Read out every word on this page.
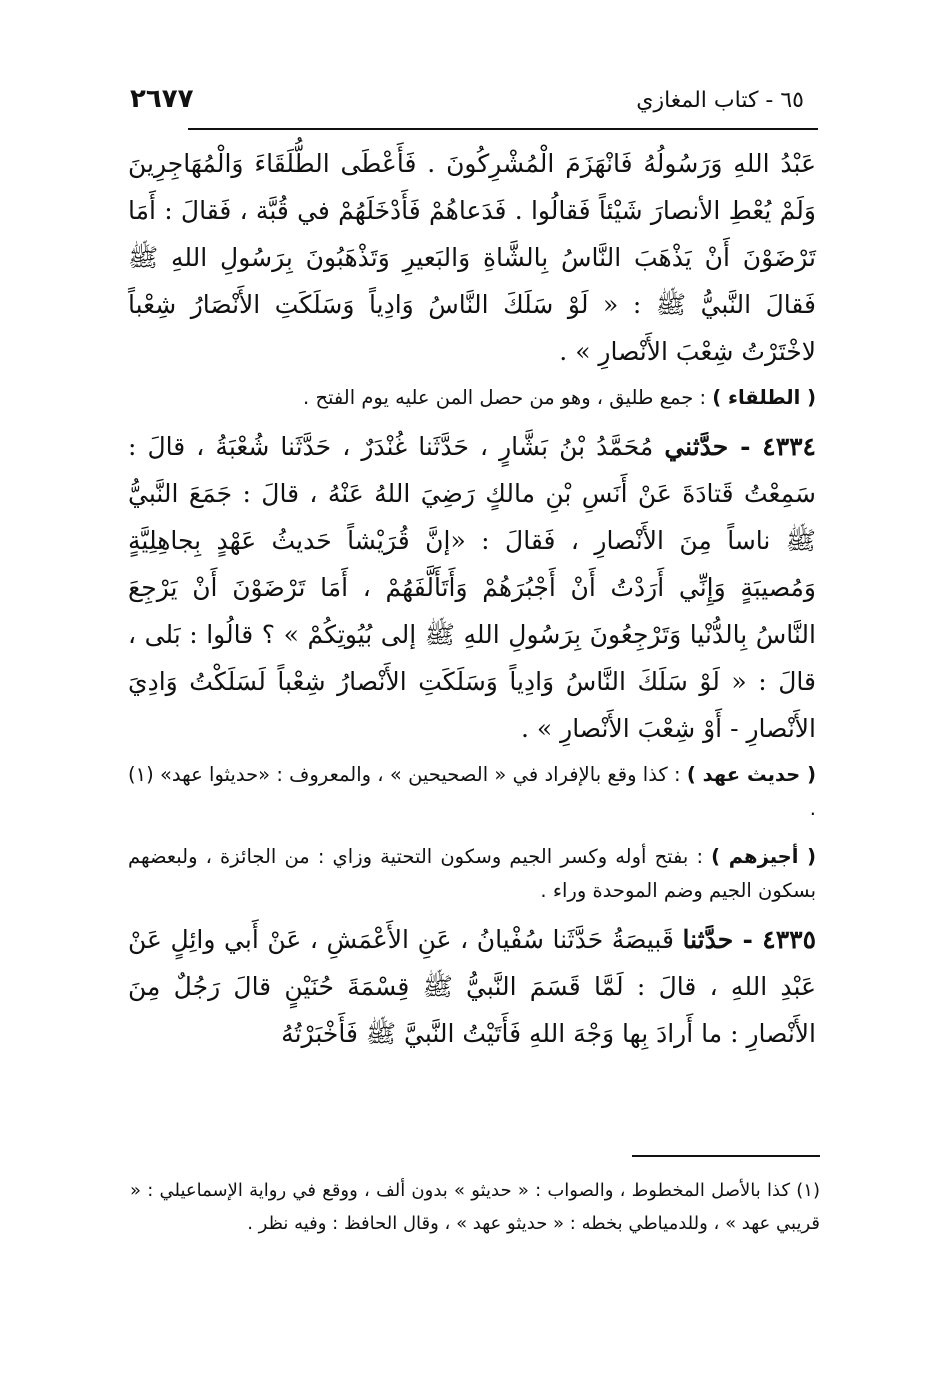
٦٥ - كتاب المغازي
٢٦٧٧

عَبْدُ اللهِ وَرَسُولُهُ فَانْهَزَمَ الْمُشْرِكُونَ . فَأَعْطَى الطُّلَقَاءَ وَالْمُهَاجِرِينَ وَلَمْ يُعْطِ الأنصارَ شَيْئاً فَقالُوا . فَدَعاهُمْ فَأَدْخَلَهُمْ في قُبَّة ، فَقالَ : أَمَا تَرْضَوْنَ أَنْ يَذْهَبَ النَّاسُ بِالشَّاةِ وَالبَعيرِ وَتَذْهَبُونَ بِرَسُولِ اللهِ ﷺ فَقالَ النَّبيُّ ﷺ : « لَوْ سَلَكَ النَّاسُ وَادِياً وَسَلَكَتِ الأَنْصَارُ شِعْباً لاخْتَرْتُ شِعْبَ الأَنْصارِ » .

( الطلقاء ) : جمع طليق ، وهو من حصل المن عليه يوم الفتح .

٤٣٣٤ - حدَّثني مُحَمَّدُ بْنُ بَشَّارٍ ، حَدَّثَنا غُنْدَرٌ ، حَدَّثَنا شُعْبَةُ ، قالَ : سَمِعْتُ قَتادَةَ عَنْ أَنَسِ بْنِ مالكٍ رَضِيَ اللهُ عَنْهُ ، قالَ : جَمَعَ النَّبيُّ ﷺ ناساً مِنَ الأَنْصارِ ، فَقالَ : «إنَّ قُرَيْشاً حَديثُ عَهْدٍ بِجاهِلِيَّةٍ وَمُصيبَةٍ وَإِنِّي أَرَدْتُ أَنْ أَجْبُرَهُمْ وَأَتَأَلَّفَهُمْ ، أَمَا تَرْضَوْنَ أَنْ يَرْجِعَ النَّاسُ بِالدُّنْيا وَتَرْجِعُونَ بِرَسُولِ اللهِ ﷺ إلى بُيُوتِكُمْ » ؟ قالُوا : بَلى ، قالَ : « لَوْ سَلَكَ النَّاسُ وَادِياً وَسَلَكَتِ الأَنْصارُ شِعْباً لَسَلَكْتُ وَادِيَ الأَنْصارِ - أَوْ شِعْبَ الأَنْصارِ » .

( حديث عهد ) : كذا وقع بالإفراد في « الصحيحين » ، والمعروف : «حديثوا عهد» (١) .

( أجيزهم ) : بفتح أوله وكسر الجيم وسكون التحتية وزاي : من الجائزة ، ولبعضهم بسكون الجيم وضم الموحدة وراء .

٤٣٣٥ - حدَّثنا قَبيصَةُ حَدَّثَنا سُفْيانُ ، عَنِ الأَعْمَشِ ، عَنْ أَبي وائِلٍ عَنْ عَبْدِ اللهِ ، قالَ : لَمَّا قَسَمَ النَّبيُّ ﷺ قِسْمَةَ حُنَيْنٍ قالَ رَجُلٌ مِنَ الأَنْصارِ : ما أَرادَ بِها وَجْهَ اللهِ فَأَتَيْتُ النَّبيَّ ﷺ فَأَخْبَرْتُهُ

(١) كذا بالأصل المخطوط ، والصواب : « حديثو » بدون ألف ، ووقع في رواية الإسماعيلي : « قريبي عهد » ، وللدمياطي بخطه : « حديثو عهد » ، وقال الحافظ : وفيه نظر .
